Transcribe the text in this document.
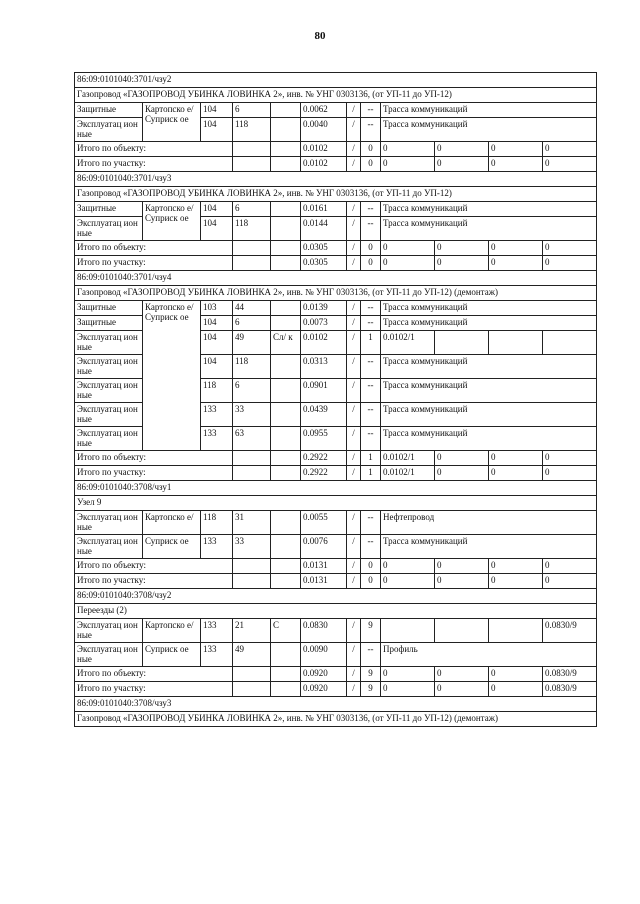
80
86:09:0101040:3701/чзу2											
Газопровод «ГАЗОПРОВОД УБИНКА ЛОВИНКА 2», инв. № УНГ 0303136, (от УП-11 до УП-12)											
Защитные	Картопско е/ Суприск ое	104	6		0.0062	/	--	Трасса коммуникаций			
Эксплуатац ионные		104	118		0.0040	/	--	Трасса коммуникаций			
Итого по объекту:					0.0102	/	0	0	0	0	0
Итого по участку:					0.0102	/	0	0	0	0	0
86:09:0101040:3701/чзу3											
Газопровод «ГАЗОПРОВОД УБИНКА ЛОВИНКА 2», инв. № УНГ 0303136, (от УП-11 до УП-12)											
Защитные	Картопско е/ Суприск ое	104	6		0.0161	/	--	Трасса коммуникаций			
Эксплуатац ионные		104	118		0.0144	/	--	Трасса коммуникаций			
Итого по объекту:					0.0305	/	0	0	0	0	0
Итого по участку:					0.0305	/	0	0	0	0	0
86:09:0101040:3701/чзу4											
Газопровод «ГАЗОПРОВОД УБИНКА ЛОВИНКА 2», инв. № УНГ 0303136, (от УП-11 до УП-12) (демонтаж)											
Защитные	Картопско е/ Суприск ое	103	44		0.0139	/	--	Трасса коммуникаций			
Защитные		104	6		0.0073	/	--	Трасса коммуникаций			
Эксплуатац ионные		104	49	Сл/ к	0.0102	/	1	0.0102/1			
Эксплуатац ионные		104	118		0.0313	/	--	Трасса коммуникаций			
Эксплуатац ионные		118	6		0.0901	/	--	Трасса коммуникаций			
Эксплуатац ионные		133	33		0.0439	/	--	Трасса коммуникаций			
Эксплуатац ионные		133	63		0.0955	/	--	Трасса коммуникаций			
Итого по объекту:					0.2922	/	1	0.0102/1	0	0	0
Итого по участку:					0.2922	/	1	0.0102/1	0	0	0
86:09:0101040:3708/чзу1											
Узел 9											
Эксплуатац ионные	Картопско е/	118	31		0.0055	/	--	Нефтепровод			
Эксплуатац ионные	Суприск ое	133	33		0.0076	/	--	Трасса коммуникаций			
Итого по объекту:					0.0131	/	0	0	0	0	0
Итого по участку:					0.0131	/	0	0	0	0	0
86:09:0101040:3708/чзу2											
Переезды (2)											
Эксплуатац ионные	Картопско е/	133	21	С	0.0830	/	9				0.0830/9
Эксплуатац ионные	Суприск ое	133	49		0.0090	/	--	Профиль			
Итого по объекту:					0.0920	/	9	0	0	0	0.0830/9
Итого по участку:					0.0920	/	9	0	0	0	0.0830/9
86:09:0101040:3708/чзу3											
Газопровод «ГАЗОПРОВОД УБИНКА ЛОВИНКА 2», инв. № УНГ 0303136, (от УП-11 до УП-12) (демонтаж)											
